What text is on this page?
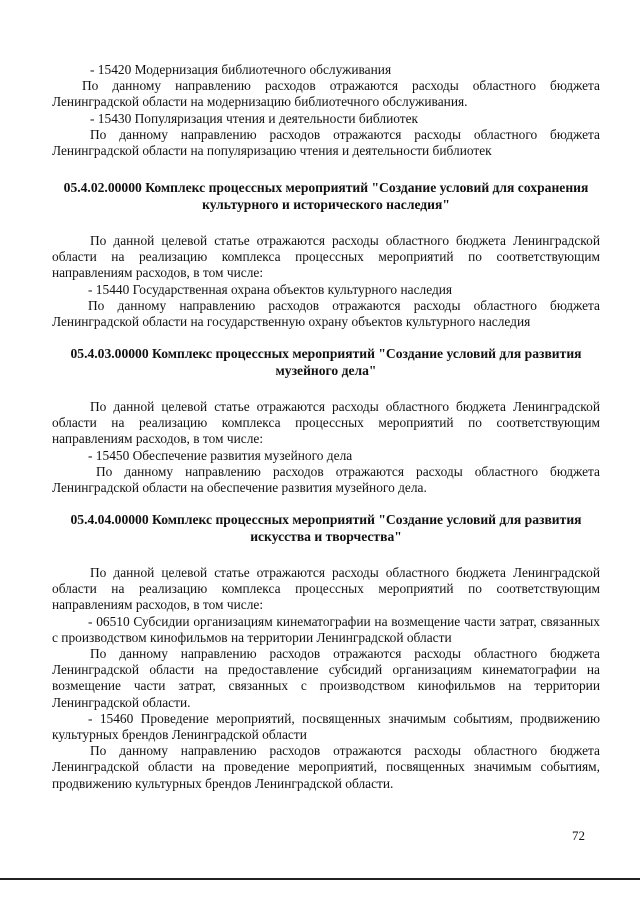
- 15420 Модернизация библиотечного обслуживания

По данному направлению расходов отражаются расходы областного бюджета Ленинградской области на модернизацию библиотечного обслуживания.

- 15430 Популяризация чтения и деятельности библиотек

По данному направлению расходов отражаются расходы областного бюджета Ленинградской области на популяризацию чтения и деятельности библиотек

05.4.02.00000 Комплекс процессных мероприятий "Создание условий для сохранения культурного и исторического наследия"

По данной целевой статье отражаются расходы областного бюджета Ленинградской области на реализацию комплекса процессных мероприятий по соответствующим направлениям расходов, в том числе:

- 15440 Государственная охрана объектов культурного наследия

По данному направлению расходов отражаются расходы областного бюджета Ленинградской области на государственную охрану объектов культурного наследия

05.4.03.00000 Комплекс процессных мероприятий "Создание условий для развития музейного дела"

По данной целевой статье отражаются расходы областного бюджета Ленинградской области на реализацию комплекса процессных мероприятий по соответствующим направлениям расходов, в том числе:

- 15450 Обеспечение развития музейного дела

По данному направлению расходов отражаются расходы областного бюджета Ленинградской области на обеспечение развития музейного дела.

05.4.04.00000 Комплекс процессных мероприятий "Создание условий для развития искусства и творчества"

По данной целевой статье отражаются расходы областного бюджета Ленинградской области на реализацию комплекса процессных мероприятий по соответствующим направлениям расходов, в том числе:

- 06510 Субсидии организациям кинематографии на возмещение части затрат, связанных с производством кинофильмов на территории Ленинградской области

По данному направлению расходов отражаются расходы областного бюджета Ленинградской области на предоставление субсидий организациям кинематографии на возмещение части затрат, связанных с производством кинофильмов на территории Ленинградской области.

- 15460 Проведение мероприятий, посвященных значимым событиям, продвижению культурных брендов Ленинградской области

По данному направлению расходов отражаются расходы областного бюджета Ленинградской области на проведение мероприятий, посвященных значимым событиям, продвижению культурных брендов Ленинградской области.

72
